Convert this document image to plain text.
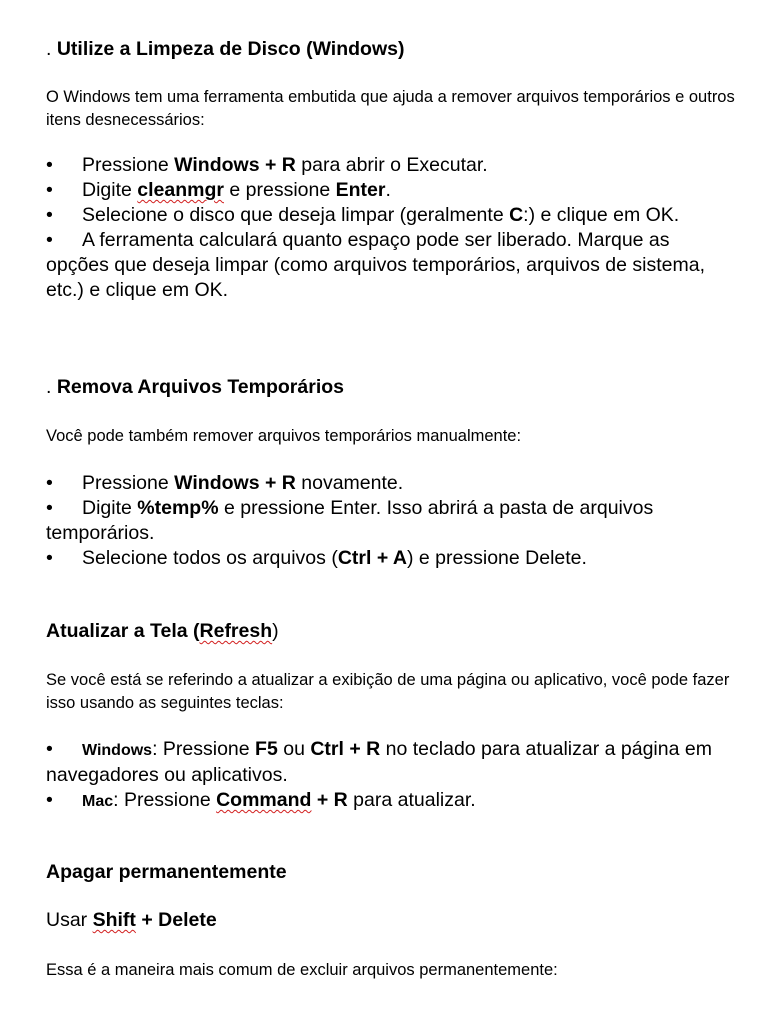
. Utilize a Limpeza de Disco (Windows)
O Windows tem uma ferramenta embutida que ajuda a remover arquivos temporários e outros itens desnecessários:
• Pressione Windows + R para abrir o Executar.
• Digite cleanmgr e pressione Enter.
• Selecione o disco que deseja limpar (geralmente C:) e clique em OK.
• A ferramenta calculará quanto espaço pode ser liberado. Marque as opções que deseja limpar (como arquivos temporários, arquivos de sistema, etc.) e clique em OK.
. Remova Arquivos Temporários
Você pode também remover arquivos temporários manualmente:
• Pressione Windows + R novamente.
• Digite %temp% e pressione Enter. Isso abrirá a pasta de arquivos temporários.
• Selecione todos os arquivos (Ctrl + A) e pressione Delete.
Atualizar a Tela (Refresh)
Se você está se referindo a atualizar a exibição de uma página ou aplicativo, você pode fazer isso usando as seguintes teclas:
• Windows: Pressione F5 ou Ctrl + R no teclado para atualizar a página em navegadores ou aplicativos.
• Mac: Pressione Command + R para atualizar.
Apagar permanentemente
Usar Shift + Delete
Essa é a maneira mais comum de excluir arquivos permanentemente:
